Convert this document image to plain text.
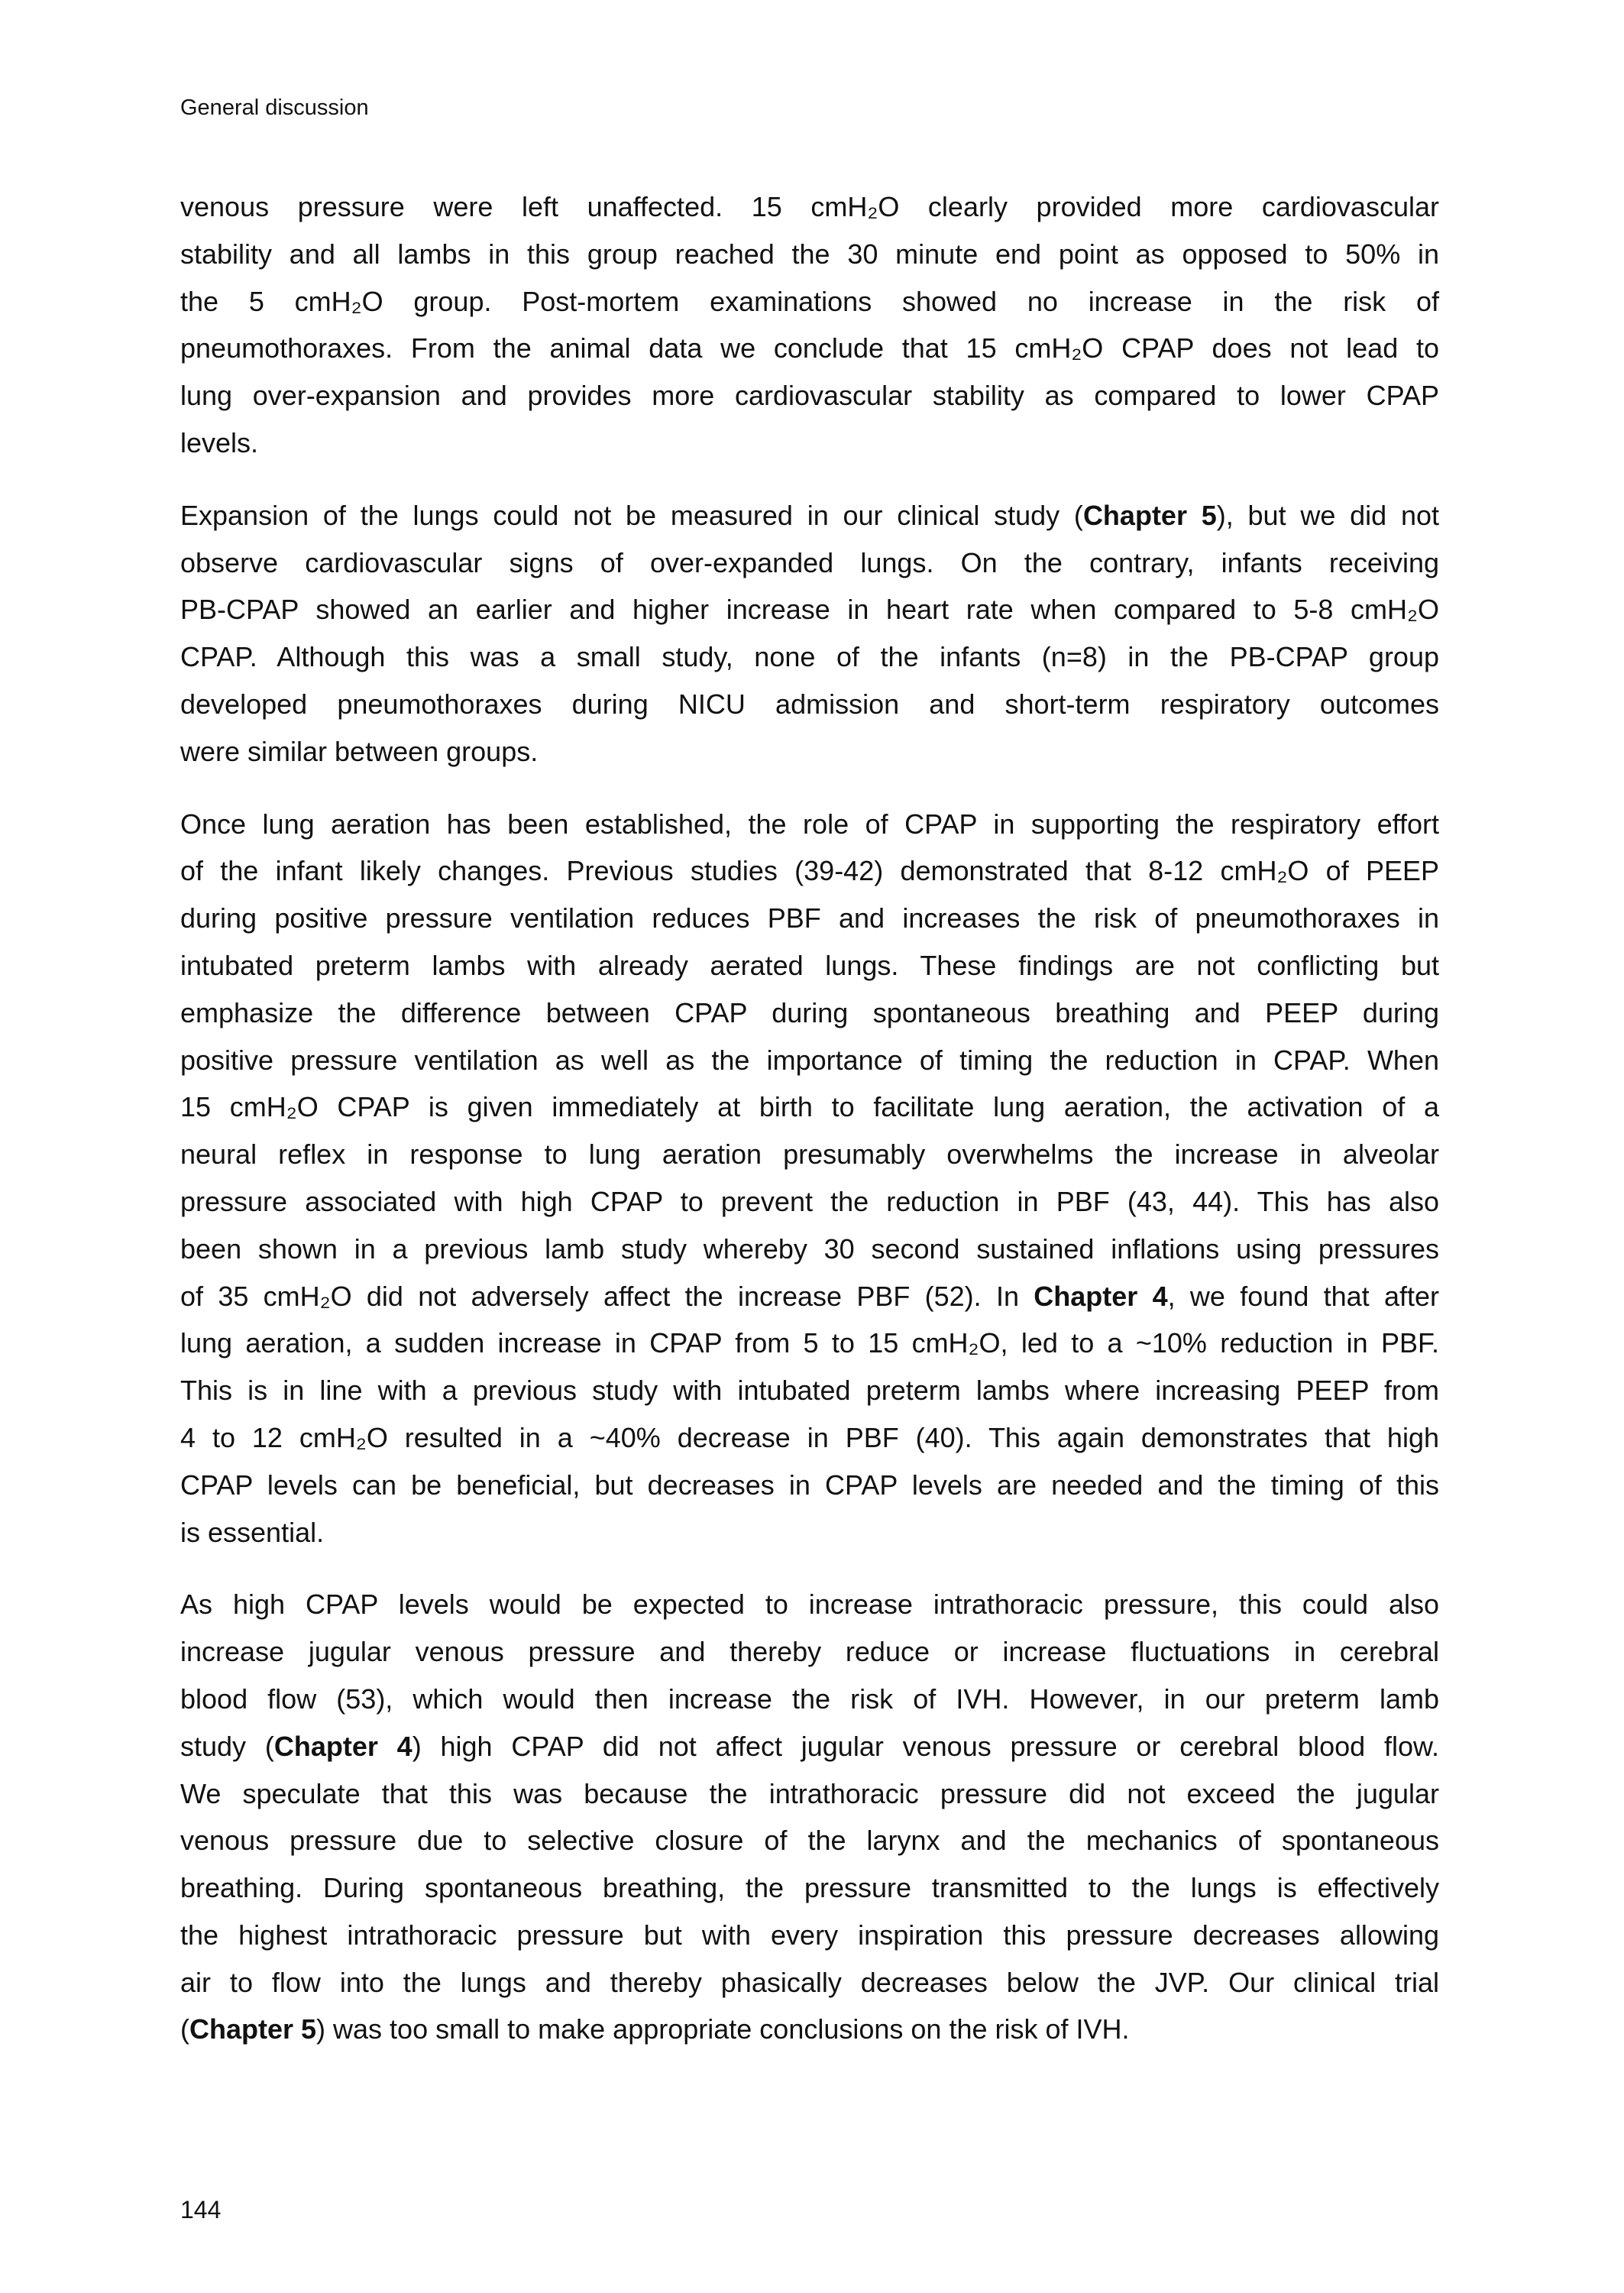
General discussion
venous pressure were left unaffected. 15 cmH₂O clearly provided more cardiovascular
stability and all lambs in this group reached the 30 minute end point as opposed to 50% in
the 5 cmH₂O group. Post-mortem examinations showed no increase in the risk of
pneumothoraxes. From the animal data we conclude that 15 cmH₂O CPAP does not lead to
lung over-expansion and provides more cardiovascular stability as compared to lower CPAP
levels.
Expansion of the lungs could not be measured in our clinical study (Chapter 5), but we did not
observe cardiovascular signs of over-expanded lungs. On the contrary, infants receiving
PB-CPAP showed an earlier and higher increase in heart rate when compared to 5-8 cmH₂O
CPAP. Although this was a small study, none of the infants (n=8) in the PB-CPAP group
developed pneumothoraxes during NICU admission and short-term respiratory outcomes
were similar between groups.
Once lung aeration has been established, the role of CPAP in supporting the respiratory effort
of the infant likely changes. Previous studies (39-42) demonstrated that 8-12 cmH₂O of PEEP
during positive pressure ventilation reduces PBF and increases the risk of pneumothoraxes in
intubated preterm lambs with already aerated lungs. These findings are not conflicting but
emphasize the difference between CPAP during spontaneous breathing and PEEP during
positive pressure ventilation as well as the importance of timing the reduction in CPAP. When
15 cmH₂O CPAP is given immediately at birth to facilitate lung aeration, the activation of a
neural reflex in response to lung aeration presumably overwhelms the increase in alveolar
pressure associated with high CPAP to prevent the reduction in PBF (43, 44). This has also
been shown in a previous lamb study whereby 30 second sustained inflations using pressures
of 35 cmH₂O did not adversely affect the increase PBF (52). In Chapter 4, we found that after
lung aeration, a sudden increase in CPAP from 5 to 15 cmH₂O, led to a ~10% reduction in PBF.
This is in line with a previous study with intubated preterm lambs where increasing PEEP from
4 to 12 cmH₂O resulted in a ~40% decrease in PBF (40). This again demonstrates that high
CPAP levels can be beneficial, but decreases in CPAP levels are needed and the timing of this
is essential.
As high CPAP levels would be expected to increase intrathoracic pressure, this could also
increase jugular venous pressure and thereby reduce or increase fluctuations in cerebral
blood flow (53), which would then increase the risk of IVH. However, in our preterm lamb
study (Chapter 4) high CPAP did not affect jugular venous pressure or cerebral blood flow.
We speculate that this was because the intrathoracic pressure did not exceed the jugular
venous pressure due to selective closure of the larynx and the mechanics of spontaneous
breathing. During spontaneous breathing, the pressure transmitted to the lungs is effectively
the highest intrathoracic pressure but with every inspiration this pressure decreases allowing
air to flow into the lungs and thereby phasically decreases below the JVP. Our clinical trial
(Chapter 5) was too small to make appropriate conclusions on the risk of IVH.
144
